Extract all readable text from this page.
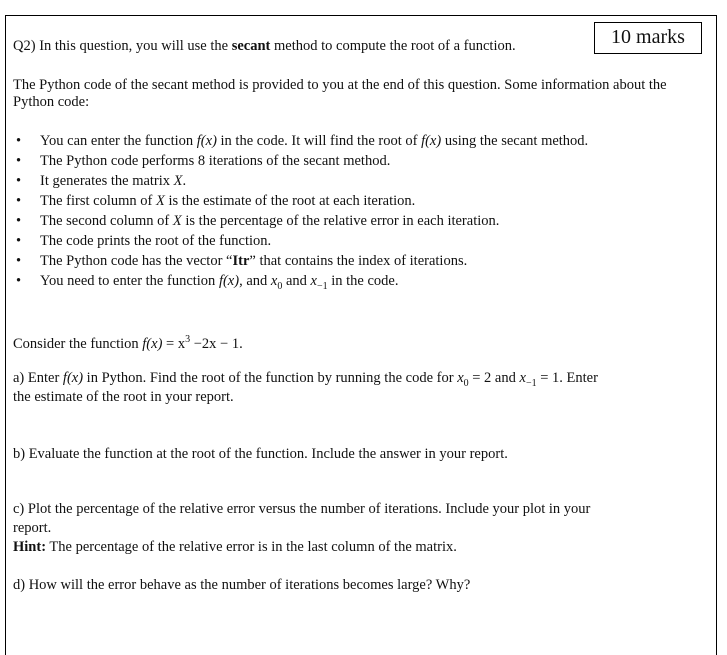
10 marks
Q2) In this question, you will use the secant method to compute the root of a function.
The Python code of the secant method is provided to you at the end of this question. Some information about the Python code:
• You can enter the function f(x) in the code. It will find the root of f(x) using the secant method.
• The Python code performs 8 iterations of the secant method.
• It generates the matrix X.
• The first column of X is the estimate of the root at each iteration.
• The second column of X is the percentage of the relative error in each iteration.
• The code prints the root of the function.
• The Python code has the vector “Itr” that contains the index of iterations.
• You need to enter the function f(x), and $x_0$ and $x_{-1}$ in the code.
Consider the function $f(x) = x^3 -2x - 1$.
a) Enter f(x) in Python. Find the root of the function by running the code for $x_0 = 2$ and $x_{-1} = 1$. Enter
the estimate of the root in your report.
b) Evaluate the function at the root of the function. Include the answer in your report.
c) Plot the percentage of the relative error versus the number of iterations. Include your plot in your
report.
Hint: The percentage of the relative error is in the last column of the matrix.
d) How will the error behave as the number of iterations becomes large? Why?
